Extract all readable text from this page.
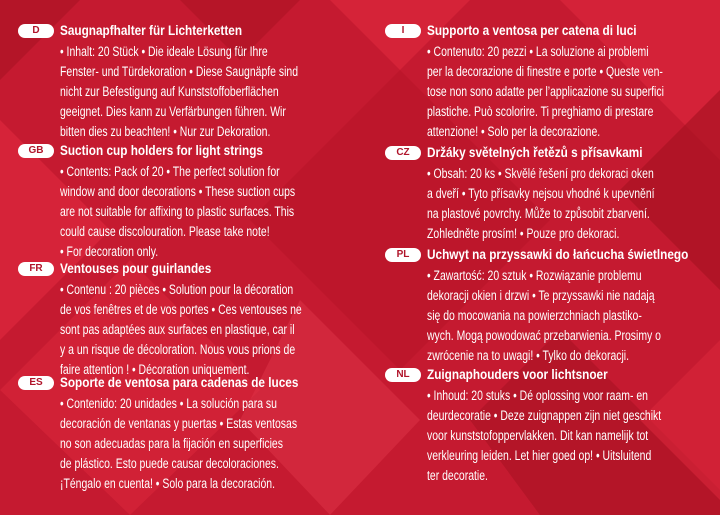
D	Saugnapfhalter für Lichterketten

• Inhalt: 20 Stück • Die ideale Lösung für Ihre
Fenster- und Türdekoration • Diese Saugnäpfe sind
nicht zur Befestigung auf Kunststoffoberflächen
geeignet. Dies kann zu Verfärbungen führen. Wir
bitten dies zu beachten! • Nur zur Dekoration.

GB	Suction cup holders for light strings

• Contents: Pack of 20 • The perfect solution for
window and door decorations • These suction cups
are not suitable for affixing to plastic surfaces. This
could cause discolouration. Please take note!
• For decoration only.

FR	Ventouses pour guirlandes

• Contenu : 20 pièces • Solution pour la décoration
de vos fenêtres et de vos portes • Ces ventouses ne
sont pas adaptées aux surfaces en plastique, car il
y a un risque de décoloration. Nous vous prions de
faire attention ! • Décoration uniquement.

ES	Soporte de ventosa para cadenas de luces

• Contenido: 20 unidades • La solución para su
decoración de ventanas y puertas • Estas ventosas
no son adecuadas para la fijación en superficies
de plástico. Esto puede causar decoloraciones.
¡Téngalo en cuenta! • Solo para la decoración.

I	Supporto a ventosa per catena di luci

• Contenuto: 20 pezzi • La soluzione ai problemi
per la decorazione di finestre e porte • Queste ven-
tose non sono adatte per l’applicazione su superfici
plastiche. Può scolorire. Ti preghiamo di prestare
attenzione! • Solo per la decorazione.

CZ	Držáky světelných řetězů s přísavkami

• Obsah: 20 ks • Skvělé řešení pro dekoraci oken
a dveří • Tyto přísavky nejsou vhodné k upevnění
na plastové povrchy. Může to způsobit zbarvení.
Zohledněte prosím! • Pouze pro dekoraci.

PL	Uchwyt na przyssawki do łańcucha świetlnego

• Zawartość: 20 sztuk • Rozwiązanie problemu
dekoracji okien i drzwi • Te przyssawki nie nadają
się do mocowania na powierzchniach plastiko-
wych. Mogą powodować przebarwienia. Prosimy o
zwrócenie na to uwagi! • Tylko do dekoracji.

NL	Zuignaphouders voor lichtsnoer

• Inhoud: 20 stuks • Dé oplossing voor raam- en
deurdecoratie • Deze zuignappen zijn niet geschikt
voor kunststofoppervlakken. Dit kan namelijk tot
verkleuring leiden. Let hier goed op! • Uitsluitend
ter decoratie.
